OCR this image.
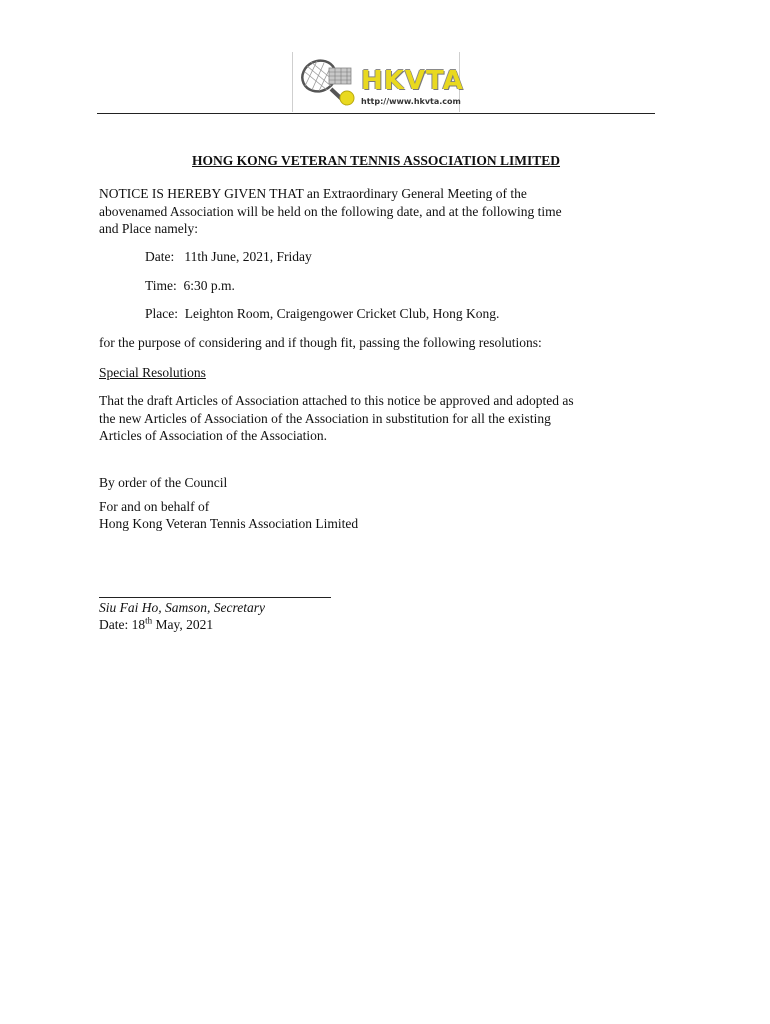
HKVTA
http://www.hkvta.com
HONG KONG VETERAN TENNIS ASSOCIATION LIMITED
NOTICE IS HEREBY GIVEN THAT an Extraordinary General Meeting of the
abovenamed Association will be held on the following date, and at the following time
and Place namely:
Date:   11th June, 2021, Friday
Time:  6:30 p.m.
Place:  Leighton Room, Craigengower Cricket Club, Hong Kong.
for the purpose of considering and if though fit, passing the following resolutions:
Special Resolutions
That the draft Articles of Association attached to this notice be approved and adopted as
the new Articles of Association of the Association in substitution for all the existing
Articles of Association of the Association.
By order of the Council
For and on behalf of
Hong Kong Veteran Tennis Association Limited
Siu Fai Ho, Samson, Secretary
Date: 18th May, 2021
